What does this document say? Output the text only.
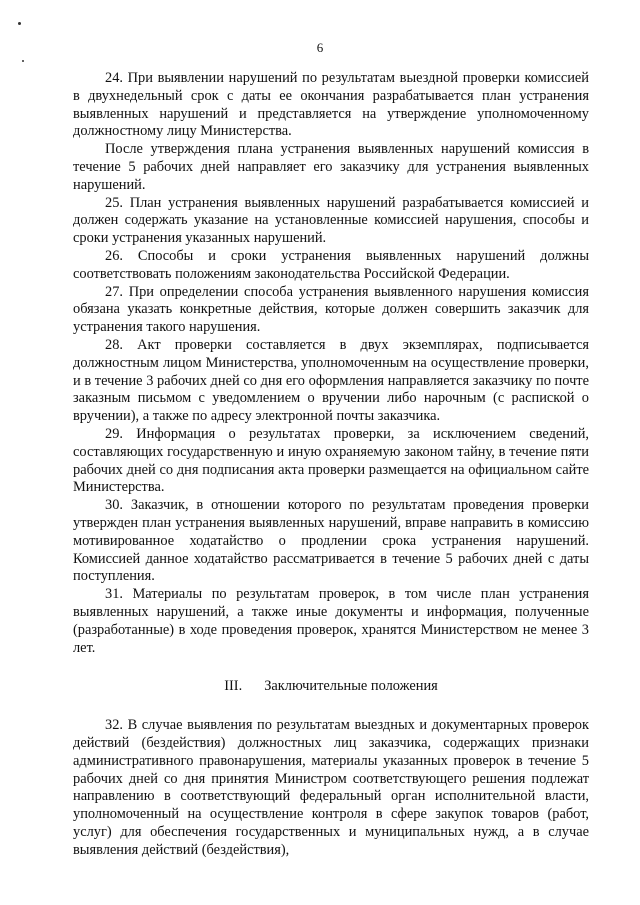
6

24. При выявлении нарушений по результатам выездной проверки комиссией в двухнедельный срок с даты ее окончания разрабатывается план устранения выявленных нарушений и представляется на утверждение уполномоченному должностному лицу Министерства.

После утверждения плана устранения выявленных нарушений комиссия в течение 5 рабочих дней направляет его заказчику для устранения выявленных нарушений.

25. План устранения выявленных нарушений разрабатывается комиссией и должен содержать указание на установленные комиссией нарушения, способы и сроки устранения указанных нарушений.

26. Способы и сроки устранения выявленных нарушений должны соответствовать положениям законодательства Российской Федерации.

27. При определении способа устранения выявленного нарушения комиссия обязана указать конкретные действия, которые должен совершить заказчик для устранения такого нарушения.

28. Акт проверки составляется в двух экземплярах, подписывается должностным лицом Министерства, уполномоченным на осуществление проверки, и в течение 3 рабочих дней со дня его оформления направляется заказчику по почте заказным письмом с уведомлением о вручении либо нарочным (с распиской о вручении), а также по адресу электронной почты заказчика.

29. Информация о результатах проверки, за исключением сведений, составляющих государственную и иную охраняемую законом тайну, в течение пяти рабочих дней со дня подписания акта проверки размещается на официальном сайте Министерства.

30. Заказчик, в отношении которого по результатам проведения проверки утвержден план устранения выявленных нарушений, вправе направить в комиссию мотивированное ходатайство о продлении срока устранения нарушений. Комиссией данное ходатайство рассматривается в течение 5 рабочих дней с даты поступления.

31. Материалы по результатам проверок, в том числе план устранения выявленных нарушений, а также иные документы и информация, полученные (разработанные) в ходе проведения проверок, хранятся Министерством не менее 3 лет.

III. Заключительные положения

32. В случае выявления по результатам выездных и документарных проверок действий (бездействия) должностных лиц заказчика, содержащих признаки административного правонарушения, материалы указанных проверок в течение 5 рабочих дней со дня принятия Министром соответствующего решения подлежат направлению в соответствующий федеральный орган исполнительной власти, уполномоченный на осуществление контроля в сфере закупок товаров (работ, услуг) для обеспечения государственных и муниципальных нужд, а в случае выявления действий (бездействия),
